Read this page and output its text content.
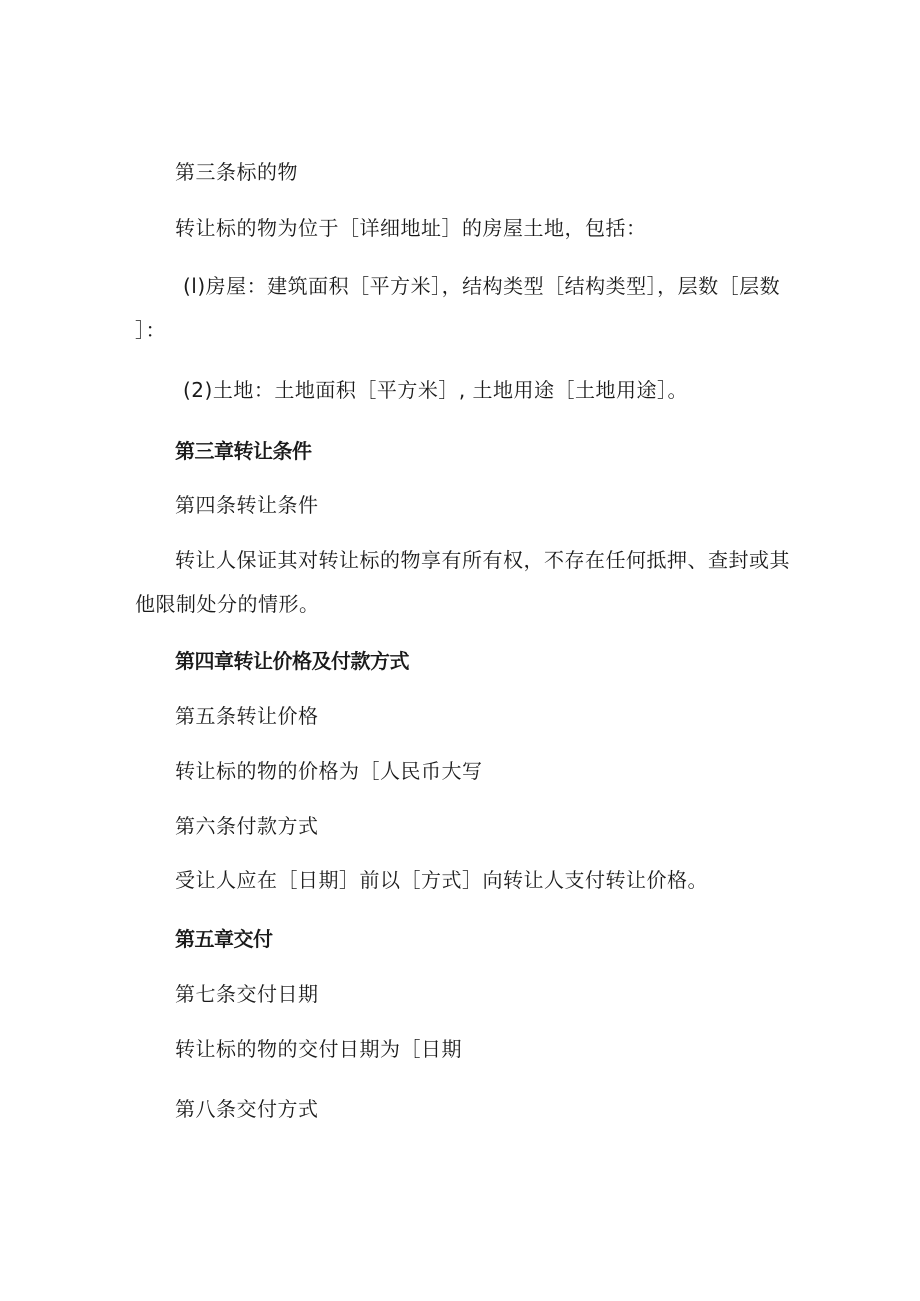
第三条标的物
转让标的物为位于［详细地址］的房屋土地，包括：
(l)房屋：建筑面积［平方米］，结构类型［结构类型］，层数［层数
］：
(2)土地：土地面积［平方米］, 土地用途［土地用途］。
第三章转让条件
第四条转让条件
转让人保证其对转让标的物享有所有权，不存在任何抵押、查封或其
他限制处分的情形。
第四章转让价格及付款方式
第五条转让价格
转让标的物的价格为［人民币大写
第六条付款方式
受让人应在［日期］前以［方式］向转让人支付转让价格。
第五章交付
第七条交付日期
转让标的物的交付日期为［日期
第八条交付方式
